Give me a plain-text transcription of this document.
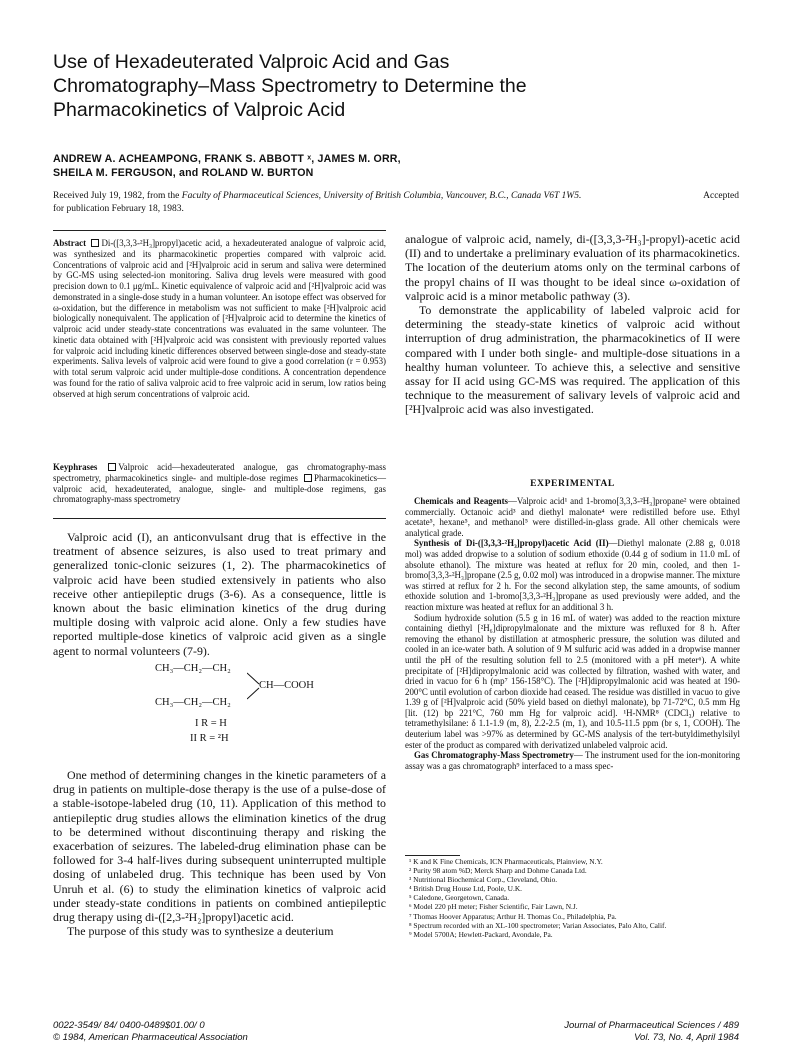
Use of Hexadeuterated Valproic Acid and Gas Chromatography–Mass Spectrometry to Determine the Pharmacokinetics of Valproic Acid
ANDREW A. ACHEAMPONG, FRANK S. ABBOTT ˣ, JAMES M. ORR,
SHEILA M. FERGUSON, and ROLAND W. BURTON
Received July 19, 1982, from the Faculty of Pharmaceutical Sciences, University of British Columbia, Vancouver, B.C., Canada V6T 1W5.	Accepted
for publication February 18, 1983.
Abstract Di-([3,3,3-²H₃]propyl)acetic acid, a hexadeuterated analogue of valproic acid, was synthesized and its pharmacokinetic properties compared with valproic acid. Concentrations of valproic acid and [²H]valproic acid in serum and saliva were determined by GC-MS using selected-ion monitoring. Saliva drug levels were measured with good precision down to 0.1 μg/mL. Kinetic equivalence of valproic acid and [²H]valproic acid was demonstrated in a single-dose study in a human volunteer. An isotope effect was observed for ω-oxidation, but the difference in metabolism was not sufficient to make [²H]valproic acid biologically nonequivalent. The application of [²H]valproic acid to determine the kinetics of valproic acid under steady-state concentrations was evaluated in the same volunteer. The kinetic data obtained with [²H]valproic acid was consistent with previously reported values for valproic acid including kinetic differences observed between single-dose and steady-state experiments. Saliva levels of valproic acid were found to give a good correlation (r = 0.953) with total serum valproic acid under multiple-dose conditions. A concentration dependence was found for the ratio of saliva valproic acid to free valproic acid in serum, low ratios being observed at high serum concentrations of valproic acid.
Keyphrases Valproic acid—hexadeuterated analogue, gas chromatography-mass spectrometry, pharmacokinetics single- and multiple-dose regimes Pharmacokinetics—valproic acid, hexadeuterated, analogue, single- and multiple-dose regimens, gas chromatography-mass spectrometry

Valproic acid (I), an anticonvulsant drug that is effective in the treatment of absence seizures, is also used to treat primary and generalized tonic-clonic seizures (1, 2). The pharmacokinetics of valproic acid have been studied extensively in patients who also receive other antiepileptic drugs (3-6). As a consequence, little is known about the basic elimination kinetics of the drug during multiple dosing with valproic acid alone. Only a few studies have reported multiple-dose kinetics of valproic acid given as a single agent to normal volunteers (7-9).

CH₃—CH₂—CH₂
CH—COOH
CH₃—CH₂—CH₂
I R = H
II R = ²H

One method of determining changes in the kinetic parameters of a drug in patients on multiple-dose therapy is the use of a pulse-dose of a stable-isotope-labeled drug (10, 11). Application of this method to antiepileptic drug studies allows the elimination kinetics of the drug to be determined without discontinuing therapy and risking the exacerbation of seizures. The labeled-drug elimination phase can be followed for 3-4 half-lives during subsequent uninterrupted multiple dosing of unlabeled drug. This technique has been used by Von Unruh et al. (6) to study the elimination kinetics of valproic acid under steady-state conditions in patients on combined antiepileptic drug therapy using di-([2,3-²H₂]propyl)acetic acid.

The purpose of this study was to synthesize a deuterium

analogue of valproic acid, namely, di-([3,3,3-²H₃]-propyl)-acetic acid (II) and to undertake a preliminary evaluation of its pharmacokinetics. The location of the deuterium atoms only on the terminal carbons of the propyl chains of II was thought to be ideal since ω-oxidation of valproic acid is a minor metabolic pathway (3).

To demonstrate the applicability of labeled valproic acid for determining the steady-state kinetics of valproic acid without interruption of drug administration, the pharmacokinetics of II were compared with I under both single- and multiple-dose situations in a healthy human volunteer. To achieve this, a selective and sensitive assay for II acid using GC-MS was required. The application of this technique to the measurement of salivary levels of valproic acid and [²H]valproic acid was also investigated.

EXPERIMENTAL

Chemicals and Reagents—Valproic acid¹ and 1-bromo[3,3,3-²H₃]propane² were obtained commercially. Octanoic acid³ and diethyl malonate⁴ were redistilled before use. Ethyl acetate⁵, hexane⁵, and methanol⁵ were distilled-in-glass grade. All other chemicals were analytical grade.

Synthesis of Di-([3,3,3-²H₃]propyl)acetic Acid (II)—Diethyl malonate (2.88 g, 0.018 mol) was added dropwise to a solution of sodium ethoxide (0.44 g of sodium in 11.0 mL of absolute ethanol). The mixture was heated at reflux for 20 min, cooled, and then 1-bromo[3,3,3-²H₃]propane (2.5 g, 0.02 mol) was introduced in a dropwise manner. The mixture was stirred at reflux for 2 h. For the second alkylation step, the same amounts, of sodium ethoxide solution and 1-bromo[3,3,3-²H₃]propane as used previously were added, and the reaction mixture was heated at reflux for an additional 3 h.

Sodium hydroxide solution (5.5 g in 16 mL of water) was added to the reaction mixture containing diethyl [²H₆]dipropylmalonate and the mixture was refluxed for 8 h. After removing the ethanol by distillation at atmospheric pressure, the solution was diluted and cooled in an ice-water bath. A solution of 9 M sulfuric acid was added in a dropwise manner until the pH of the resulting solution fell to 2.5 (monitored with a pH meter⁶). A white precipitate of [²H]dipropylmalonic acid was collected by filtration, washed with water, and dried in vacuo for 6 h (mp⁷ 156-158°C). The [²H]dipropylmalonic acid was heated at 190-200°C until evolution of carbon dioxide had ceased. The residue was distilled in vacuo to give 1.39 g of [²H]valproic acid (50% yield based on diethyl malonate), bp 71-72°C, 0.5 mm Hg [lit. (12) bp 221°C, 760 mm Hg for valproic acid]. ¹H-NMR⁸ (CDCl₃) relative to tetramethylsilane: δ 1.1-1.9 (m, 8), 2.2-2.5 (m, 1), and 10.5-11.5 ppm (br s, 1, COOH). The deuterium label was >97% as determined by GC-MS analysis of the tert-butyldimethylsilyl ester of the product as compared with derivatized unlabeled valproic acid.

Gas Chromatography-Mass Spectrometry— The instrument used for the ion-monitoring assay was a gas chromatograph⁹ interfaced to a mass spec-

¹ K and K Fine Chemicals, ICN Pharmaceuticals, Plainview, N.Y.
² Purity 98 atom %D; Merck Sharp and Dohme Canada Ltd.
³ Nutritional Biochemical Corp., Cleveland, Ohio.
⁴ British Drug House Ltd, Poole, U.K.
⁵ Caledone, Georgetown, Canada.
⁶ Model 220 pH meter; Fisher Scientific, Fair Lawn, N.J.
⁷ Thomas Hoover Apparatus; Arthur H. Thomas Co., Philadelphia, Pa.
⁸ Spectrum recorded with an XL-100 spectrometer; Varian Associates, Palo Alto, Calif.
⁹ Model 5700A; Hewlett-Packard, Avondale, Pa.
0022-3549/ 84/ 0400-0489$01.00/ 0
© 1984, American Pharmaceutical Association
Journal of Pharmaceutical Sciences / 489
Vol. 73, No. 4, April 1984
